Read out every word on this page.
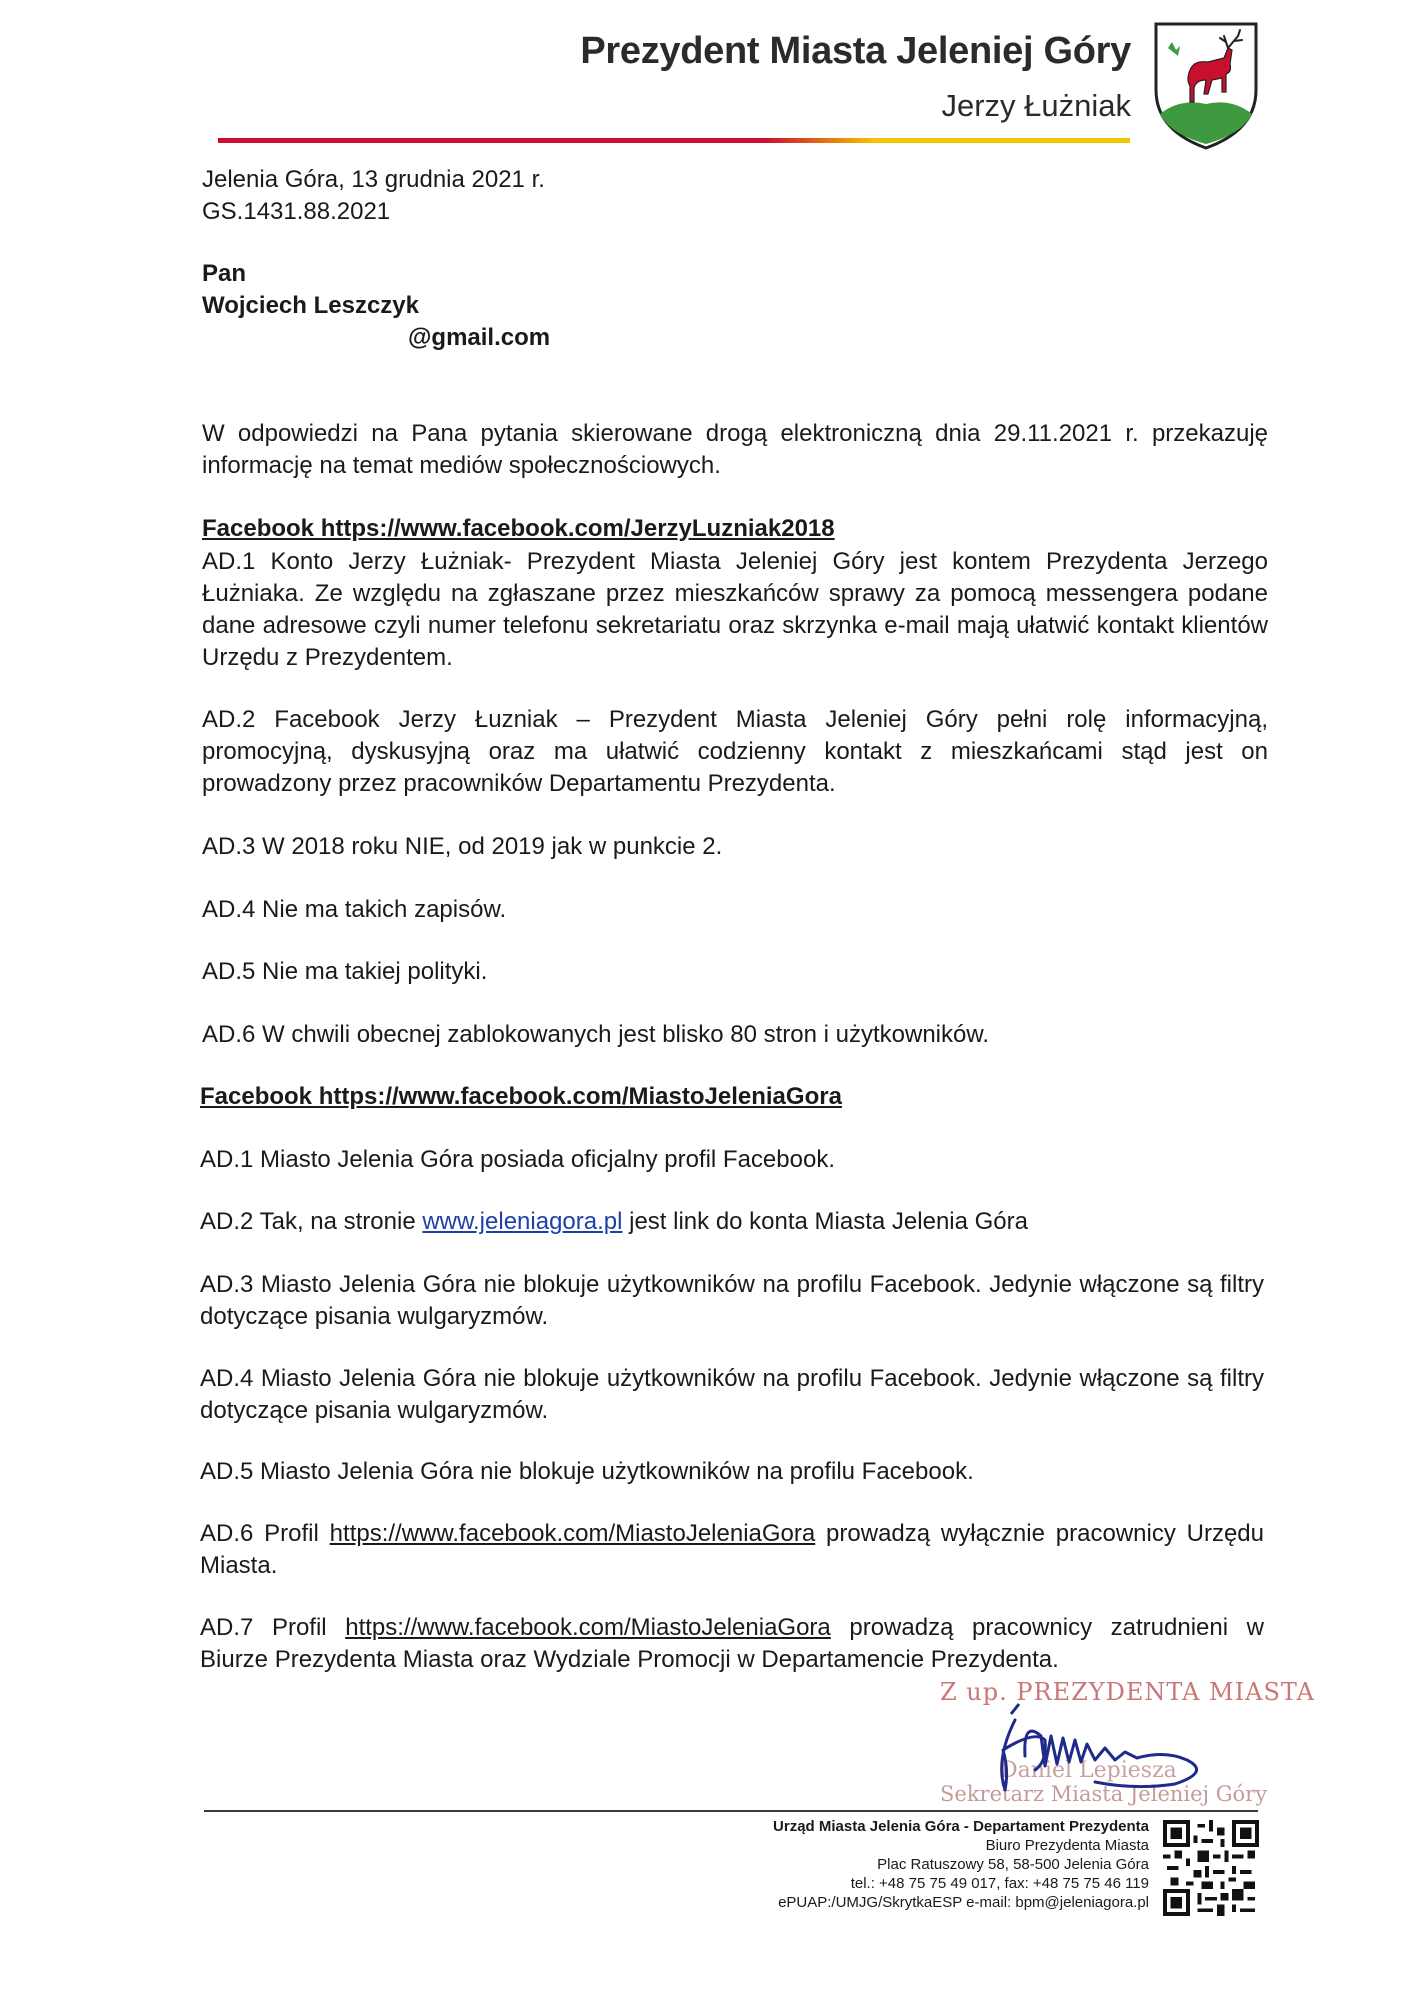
Prezydent Miasta Jeleniej Góry
Jerzy Łużniak
Jelenia Góra, 13 grudnia 2021 r.
GS.1431.88.2021
Pan
Wojciech Leszczyk
@gmail.com
W odpowiedzi na Pana pytania skierowane drogą elektroniczną dnia 29.11.2021 r. przekazuję informację na temat mediów społecznościowych.
Facebook https://www.facebook.com/JerzyLuzniak2018
AD.1 Konto Jerzy Łużniak- Prezydent Miasta Jeleniej Góry jest kontem Prezydenta Jerzego Łużniaka. Ze względu na zgłaszane przez mieszkańców sprawy za pomocą messengera podane dane adresowe czyli numer telefonu sekretariatu oraz skrzynka e-mail mają ułatwić kontakt klientów Urzędu z Prezydentem.
AD.2 Facebook Jerzy Łuzniak – Prezydent Miasta Jeleniej Góry pełni rolę informacyjną, promocyjną, dyskusyjną oraz ma ułatwić codzienny kontakt z mieszkańcami stąd jest on prowadzony przez pracowników Departamentu Prezydenta.
AD.3 W 2018 roku NIE, od 2019 jak w punkcie 2.
AD.4 Nie ma takich zapisów.
AD.5 Nie ma takiej polityki.
AD.6 W chwili obecnej zablokowanych jest blisko 80 stron i użytkowników.
Facebook https://www.facebook.com/MiastoJeleniaGora
AD.1 Miasto Jelenia Góra posiada oficjalny profil Facebook.
AD.2 Tak, na stronie www.jeleniagora.pl jest link do konta Miasta Jelenia Góra
AD.3 Miasto Jelenia Góra nie blokuje użytkowników na profilu Facebook. Jedynie włączone są filtry dotyczące pisania wulgaryzmów.
AD.4 Miasto Jelenia Góra nie blokuje użytkowników na profilu Facebook. Jedynie włączone są filtry dotyczące pisania wulgaryzmów.
AD.5 Miasto Jelenia Góra nie blokuje użytkowników na profilu Facebook.
AD.6 Profil https://www.facebook.com/MiastoJeleniaGora prowadzą wyłącznie pracownicy Urzędu Miasta.
AD.7 Profil https://www.facebook.com/MiastoJeleniaGora prowadzą pracownicy zatrudnieni w Biurze Prezydenta Miasta oraz Wydziale Promocji w Departamencie Prezydenta.
Z up. PREZYDENTA MIASTA
Daniel Lepiesza
Sekretarz Miasta Jeleniej Góry
Urząd Miasta Jelenia Góra - Departament Prezydenta
Biuro Prezydenta Miasta
Plac Ratuszowy 58, 58-500 Jelenia Góra
tel.: +48 75 75 49 017, fax: +48 75 75 46 119
ePUAP:/UMJG/SkrytkaESP e-mail: bpm@jeleniagora.pl
